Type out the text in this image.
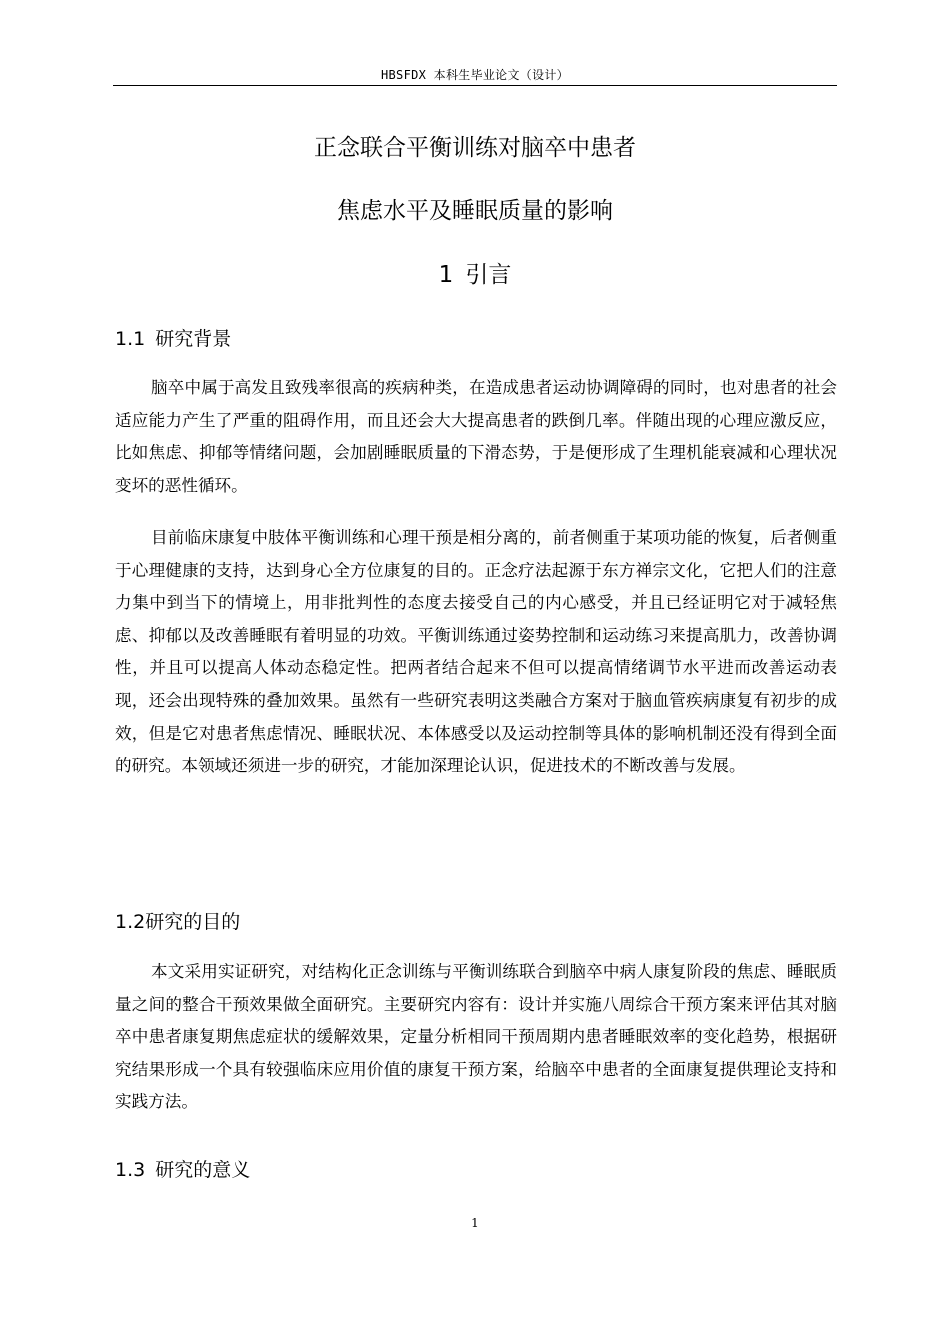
HBSFDX 本科生毕业论文（设计）
正念联合平衡训练对脑卒中患者
焦虑水平及睡眠质量的影响
1 引言
1.1 研究背景

脑卒中属于高发且致残率很高的疾病种类，在造成患者运动协调障碍的同时，也对患者的社会适应能力产生了严重的阻碍作用，而且还会大大提高患者的跌倒几率。伴随出现的心理应激反应，比如焦虑、抑郁等情绪问题，会加剧睡眠质量的下滑态势，于是便形成了生理机能衰减和心理状况变坏的恶性循环。

目前临床康复中肢体平衡训练和心理干预是相分离的，前者侧重于某项功能的恢复，后者侧重于心理健康的支持，达到身心全方位康复的目的。正念疗法起源于东方禅宗文化，它把人们的注意力集中到当下的情境上，用非批判性的态度去接受自己的内心感受，并且已经证明它对于减轻焦虑、抑郁以及改善睡眠有着明显的功效。平衡训练通过姿势控制和运动练习来提高肌力，改善协调性，并且可以提高人体动态稳定性。把两者结合起来不但可以提高情绪调节水平进而改善运动表现，还会出现特殊的叠加效果。虽然有一些研究表明这类融合方案对于脑血管疾病康复有初步的成效，但是它对患者焦虑情况、睡眠状况、本体感受以及运动控制等具体的影响机制还没有得到全面的研究。本领域还须进一步的研究，才能加深理论认识，促进技术的不断改善与发展。

1.2研究的目的

本文采用实证研究，对结构化正念训练与平衡训练联合到脑卒中病人康复阶段的焦虑、睡眠质量之间的整合干预效果做全面研究。主要研究内容有：设计并实施八周综合干预方案来评估其对脑卒中患者康复期焦虑症状的缓解效果，定量分析相同干预周期内患者睡眠效率的变化趋势，根据研究结果形成一个具有较强临床应用价值的康复干预方案，给脑卒中患者的全面康复提供理论支持和实践方法。

1.3 研究的意义
1
